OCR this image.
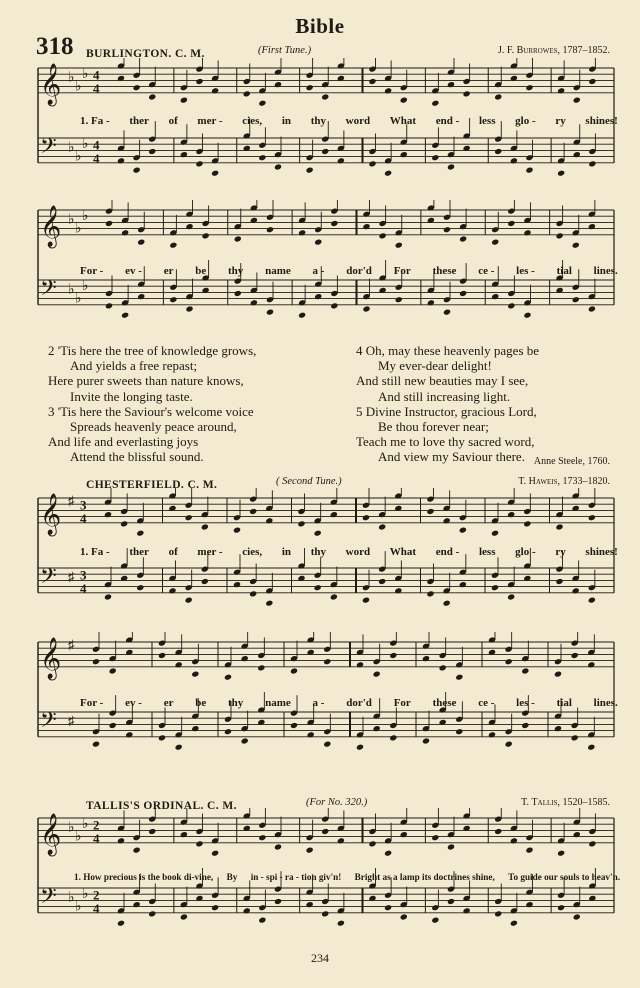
Bible
318 BURLINGTON. C. M.	(First Tune.)	J. F. Burrowes, 1787–1852.
𝄞 ♭
♭
♭ 4
4
𝄢 ♭
♭
♭ 4
4
1. Fa - ther of mer - cies, in thy word What end - less glo - ry shines!
𝄞 ♭
♭
♭
𝄢 ♭
♭
♭
For - ev - er be thy name a - dor'd For these ce - les - tial lines.
2 'Tis here the tree of knowledge grows,
And yields a free repast;
Here purer sweets than nature knows,
Invite the longing taste.
3 'Tis here the Saviour's welcome voice
Spreads heavenly peace around,
And life and everlasting joys
Attend the blissful sound.
4 Oh, may these heavenly pages be
My ever-dear delight!
And still new beauties may I see,
And still increasing light.
5 Divine Instructor, gracious Lord,
Be thou forever near;
Teach me to love thy sacred word,
And view my Saviour there. Anne Steele, 1760.
CHESTERFIELD. C. M.	( Second Tune.)	T. Haweis, 1733–1820.
𝄞 ♯ 3
4
𝄢 ♯ 3
4
1. Fa - ther of mer - cies, in thy word What end - less glo - ry shines!
𝄞 ♯
𝄢 ♯
For - ev - er be thy name a - dor'd For these ce - les - tial lines.
TALLIS'S ORDINAL. C. M.	(For No. 320.)	T. Tallis, 1520–1585.
𝄞 ♭
♭
♭ 2
4
𝄢 ♭
♭
♭ 2
4
1. How precious is the book di-vine, By in - spi - ra - tion giv'n! Bright as a lamp its doctrines shine, To guide our souls to heav'n.
234
